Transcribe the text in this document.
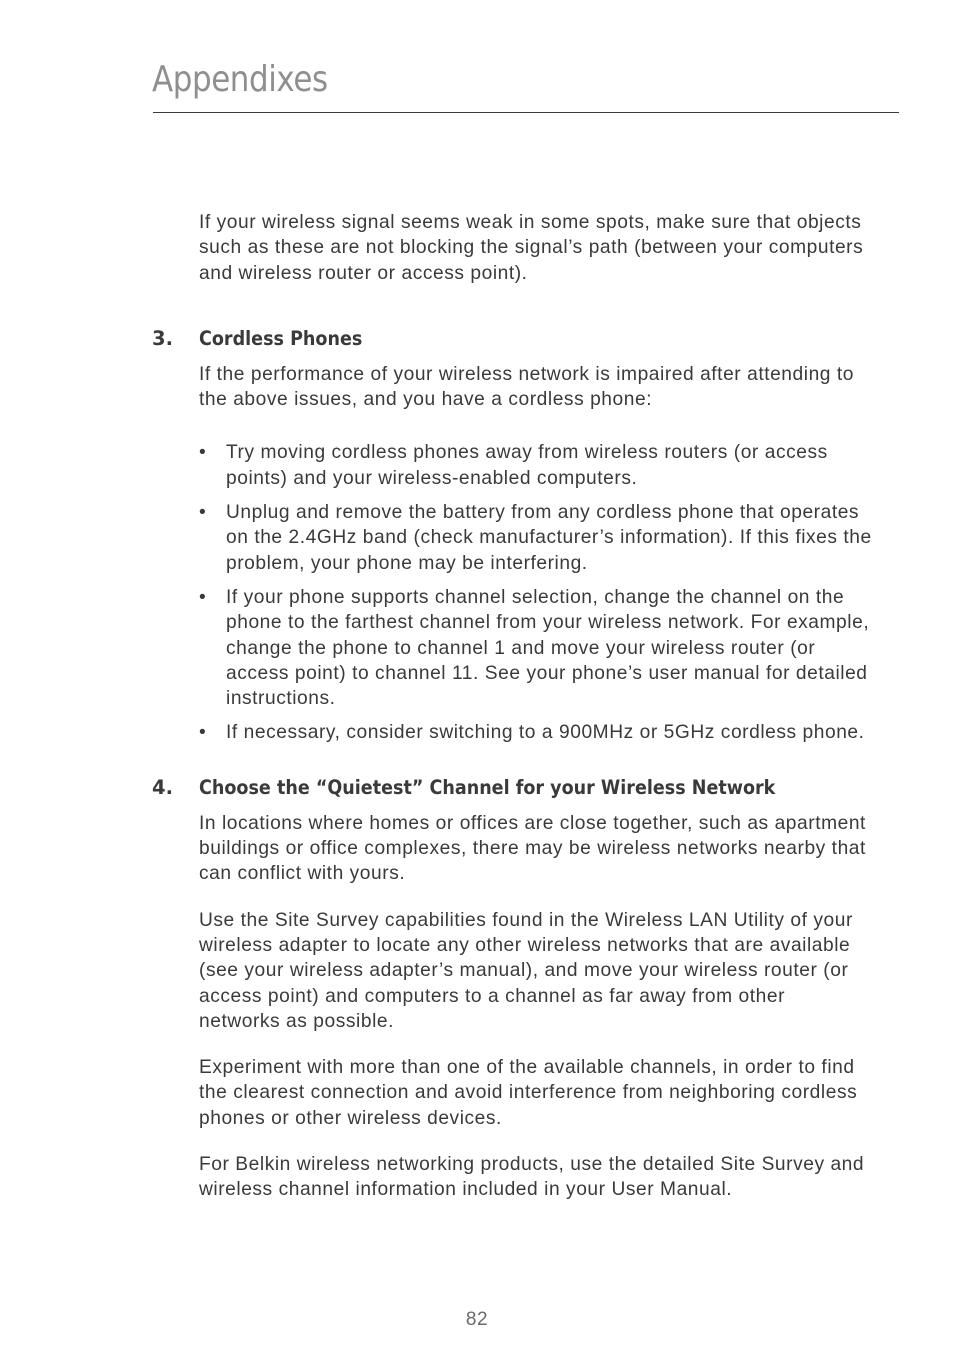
Appendixes

If your wireless signal seems weak in some spots, make sure that objects such as these are not blocking the signal’s path (between your computers and wireless router or access point).

3.	Cordless Phones

If the performance of your wireless network is impaired after attending to the above issues, and you have a cordless phone:

• Try moving cordless phones away from wireless routers (or access points) and your wireless-enabled computers.
• Unplug and remove the battery from any cordless phone that operates on the 2.4GHz band (check manufacturer’s information). If this fixes the problem, your phone may be interfering.
• If your phone supports channel selection, change the channel on the phone to the farthest channel from your wireless network. For example, change the phone to channel 1 and move your wireless router (or access point) to channel 11. See your phone’s user manual for detailed instructions.
• If necessary, consider switching to a 900MHz or 5GHz cordless phone.
4.	Choose the “Quietest” Channel for your Wireless Network

In locations where homes or offices are close together, such as apartment buildings or office complexes, there may be wireless networks nearby that can conflict with yours.

Use the Site Survey capabilities found in the Wireless LAN Utility of your wireless adapter to locate any other wireless networks that are available (see your wireless adapter’s manual), and move your wireless router (or access point) and computers to a channel as far away from other networks as possible.

Experiment with more than one of the available channels, in order to find the clearest connection and avoid interference from neighboring cordless phones or other wireless devices.

For Belkin wireless networking products, use the detailed Site Survey and wireless channel information included in your User Manual.

82
